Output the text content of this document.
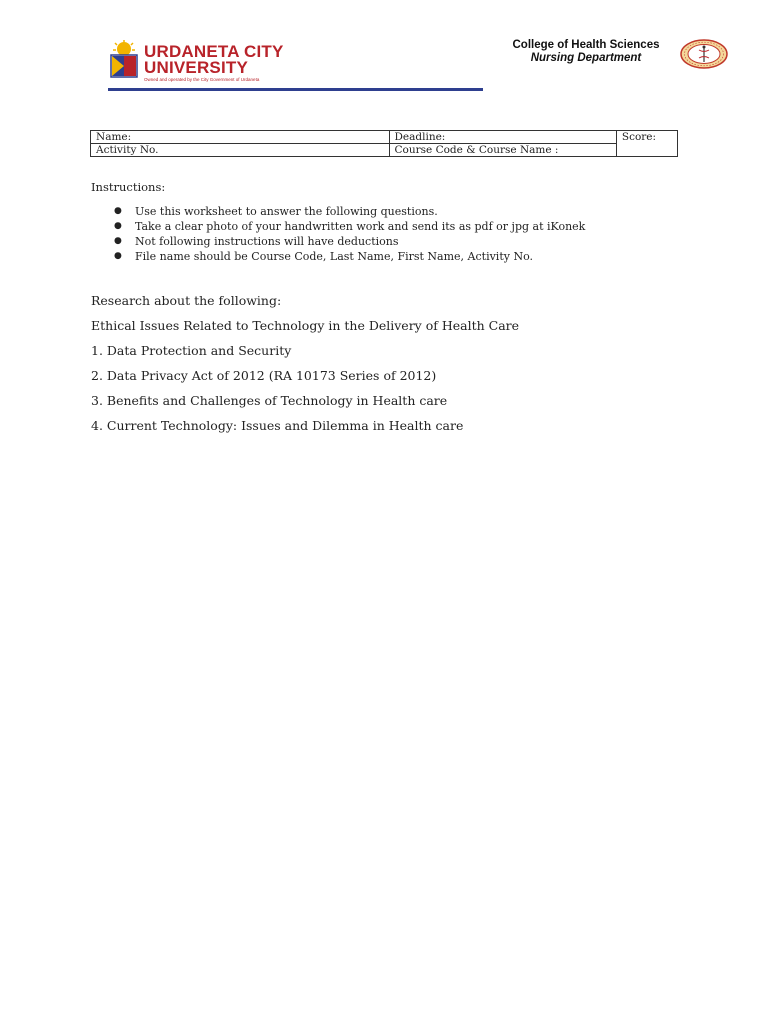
URDANETA CITY
UNIVERSITY
Owned and operated by the City Government of Urdaneta
College of Health Sciences
Nursing Department
Name:	Deadline:	Score:
Activity No.	Course Code & Course Name :	
Instructions:
● Use this worksheet to answer the following questions.
● Take a clear photo of your handwritten work and send its as pdf or jpg at iKonek
● Not following instructions will have deductions
● File name should be Course Code, Last Name, First Name, Activity No.

Research about the following:

Ethical Issues Related to Technology in the Delivery of Health Care

1. Data Protection and Security

2. Data Privacy Act of 2012 (RA 10173 Series of 2012)

3. Benefits and Challenges of Technology in Health care

4. Current Technology: Issues and Dilemma in Health care
